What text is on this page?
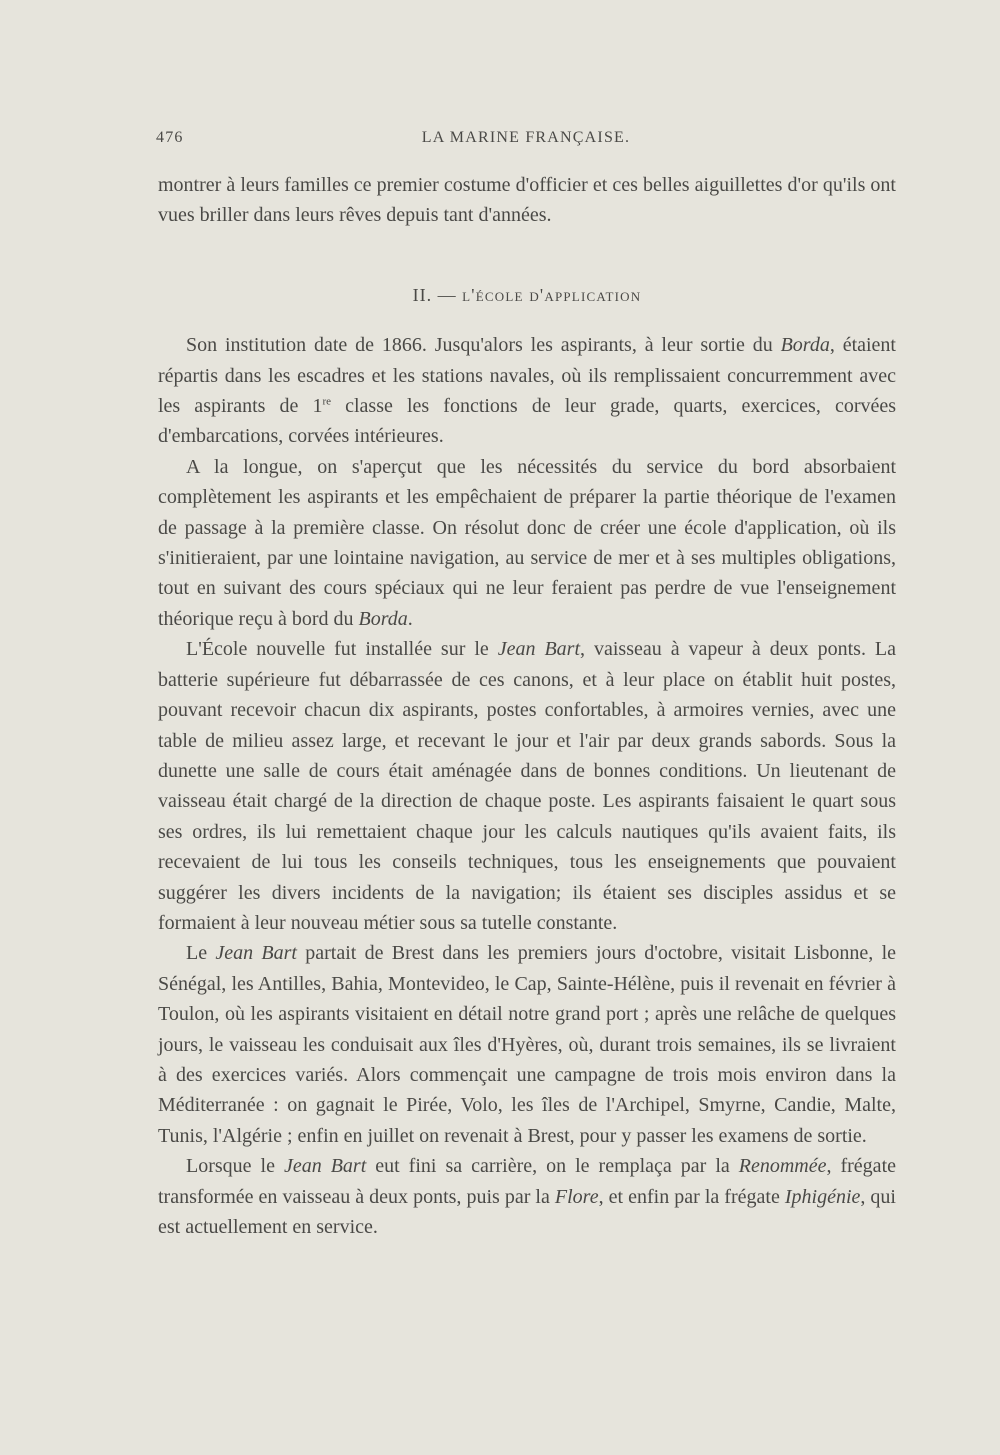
476	LA MARINE FRANÇAISE.

montrer à leurs familles ce premier costume d'officier et ces belles aiguillettes d'or qu'ils ont vues briller dans leurs rêves depuis tant d'années.

II. — l'école d'application

Son institution date de 1866. Jusqu'alors les aspirants, à leur sortie du Borda, étaient répartis dans les escadres et les stations navales, où ils remplissaient concurremment avec les aspirants de 1re classe les fonctions de leur grade, quarts, exercices, corvées d'embarcations, corvées intérieures.

A la longue, on s'aperçut que les nécessités du service du bord absorbaient complètement les aspirants et les empêchaient de préparer la partie théorique de l'examen de passage à la première classe. On résolut donc de créer une école d'application, où ils s'initieraient, par une lointaine navigation, au service de mer et à ses multiples obligations, tout en suivant des cours spéciaux qui ne leur feraient pas perdre de vue l'enseignement théorique reçu à bord du Borda.

L'École nouvelle fut installée sur le Jean Bart, vaisseau à vapeur à deux ponts. La batterie supérieure fut débarrassée de ces canons, et à leur place on établit huit postes, pouvant recevoir chacun dix aspirants, postes confortables, à armoires vernies, avec une table de milieu assez large, et recevant le jour et l'air par deux grands sabords. Sous la dunette une salle de cours était aménagée dans de bonnes conditions. Un lieutenant de vaisseau était chargé de la direction de chaque poste. Les aspirants faisaient le quart sous ses ordres, ils lui remettaient chaque jour les calculs nautiques qu'ils avaient faits, ils recevaient de lui tous les conseils techniques, tous les enseignements que pouvaient suggérer les divers incidents de la navigation; ils étaient ses disciples assidus et se formaient à leur nouveau métier sous sa tutelle constante.

Le Jean Bart partait de Brest dans les premiers jours d'octobre, visitait Lisbonne, le Sénégal, les Antilles, Bahia, Montevideo, le Cap, Sainte-Hélène, puis il revenait en février à Toulon, où les aspirants visitaient en détail notre grand port ; après une relâche de quelques jours, le vaisseau les conduisait aux îles d'Hyères, où, durant trois semaines, ils se livraient à des exercices variés. Alors commençait une campagne de trois mois environ dans la Méditerranée : on gagnait le Pirée, Volo, les îles de l'Archipel, Smyrne, Candie, Malte, Tunis, l'Algérie ; enfin en juillet on revenait à Brest, pour y passer les examens de sortie.

Lorsque le Jean Bart eut fini sa carrière, on le remplaça par la Renommée, frégate transformée en vaisseau à deux ponts, puis par la Flore, et enfin par la frégate Iphigénie, qui est actuellement en service.
